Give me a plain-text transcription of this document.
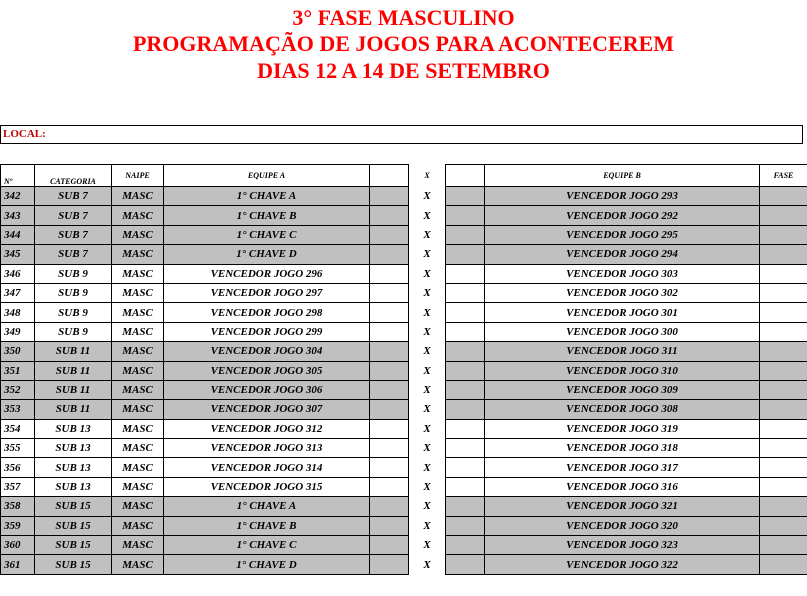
3° FASE MASCULINO
PROGRAMAÇÃO DE JOGOS PARA ACONTECEREM
DIAS 12 A 14 DE SETEMBRO
LOCAL:
Nº	CATEGORIA	NAIPE	EQUIPE A		X		EQUIPE B	FASE
342	SUB 7	MASC	1° CHAVE A		X		VENCEDOR JOGO 293	
343	SUB 7	MASC	1° CHAVE B		X		VENCEDOR JOGO 292	
344	SUB 7	MASC	1° CHAVE C		X		VENCEDOR JOGO 295	
345	SUB 7	MASC	1° CHAVE D		X		VENCEDOR JOGO 294	
346	SUB 9	MASC	VENCEDOR JOGO 296		X		VENCEDOR JOGO 303	
347	SUB 9	MASC	VENCEDOR JOGO 297		X		VENCEDOR JOGO 302	
348	SUB 9	MASC	VENCEDOR JOGO 298		X		VENCEDOR JOGO 301	
349	SUB 9	MASC	VENCEDOR JOGO 299		X		VENCEDOR JOGO 300	
350	SUB 11	MASC	VENCEDOR JOGO 304		X		VENCEDOR JOGO 311	
351	SUB 11	MASC	VENCEDOR JOGO 305		X		VENCEDOR JOGO 310	
352	SUB 11	MASC	VENCEDOR JOGO 306		X		VENCEDOR JOGO 309	
353	SUB 11	MASC	VENCEDOR JOGO 307		X		VENCEDOR JOGO 308	
354	SUB 13	MASC	VENCEDOR JOGO 312		X		VENCEDOR JOGO 319	
355	SUB 13	MASC	VENCEDOR JOGO 313		X		VENCEDOR JOGO 318	
356	SUB 13	MASC	VENCEDOR JOGO 314		X		VENCEDOR JOGO 317	
357	SUB 13	MASC	VENCEDOR JOGO 315		X		VENCEDOR JOGO 316	
358	SUB 15	MASC	1° CHAVE A		X		VENCEDOR JOGO 321	
359	SUB 15	MASC	1° CHAVE B		X		VENCEDOR JOGO 320	
360	SUB 15	MASC	1° CHAVE C		X		VENCEDOR JOGO 323	
361	SUB 15	MASC	1° CHAVE D		X		VENCEDOR JOGO 322	
